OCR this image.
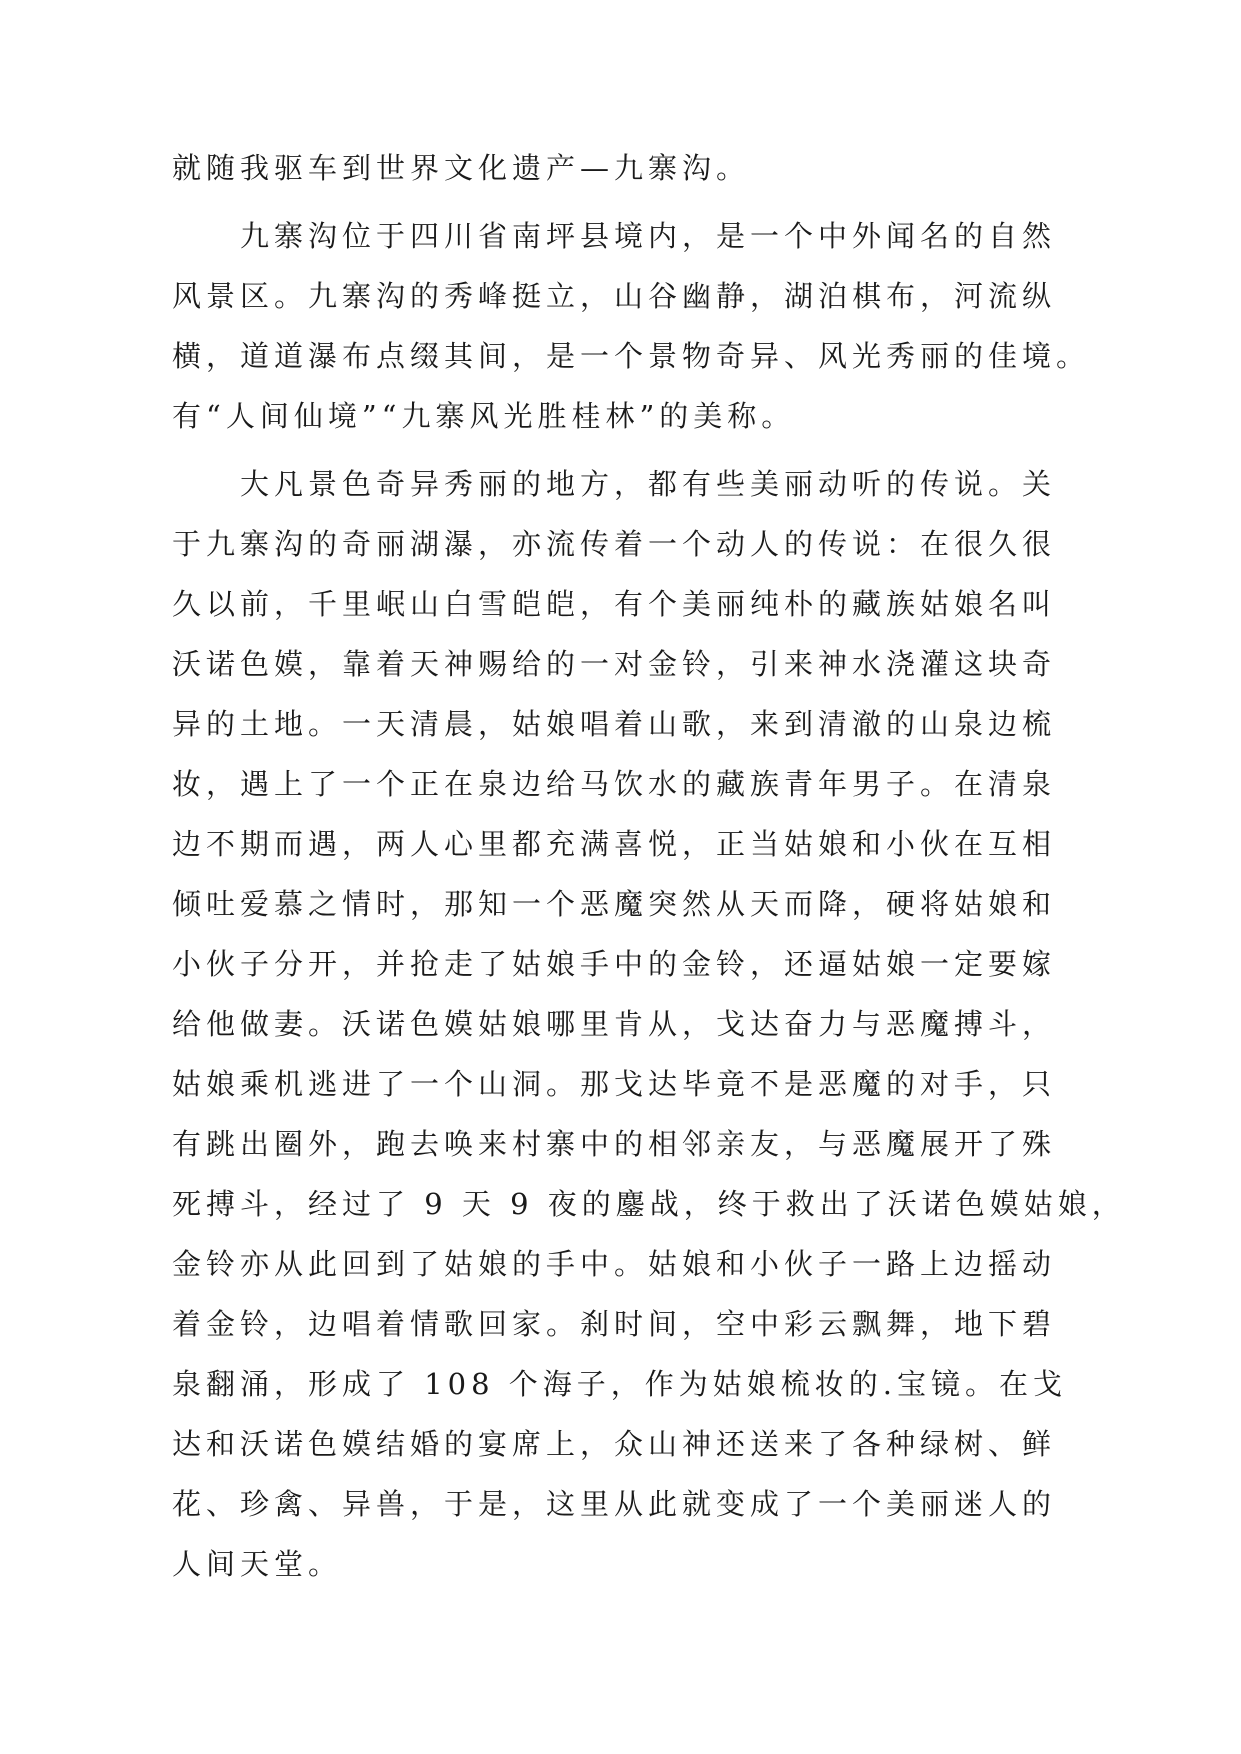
就随我驱车到世界文化遗产—九寨沟。
　　九寨沟位于四川省南坪县境内，是一个中外闻名的自然
风景区。九寨沟的秀峰挺立，山谷幽静，湖泊棋布，河流纵
横，道道瀑布点缀其间，是一个景物奇异、风光秀丽的佳境。
有“人间仙境”“九寨风光胜桂林”的美称。
　　大凡景色奇异秀丽的地方，都有些美丽动听的传说。关
于九寨沟的奇丽湖瀑，亦流传着一个动人的传说：在很久很
久以前，千里岷山白雪皑皑，有个美丽纯朴的藏族姑娘名叫
沃诺色嫫，靠着天神赐给的一对金铃，引来神水浇灌这块奇
异的土地。一天清晨，姑娘唱着山歌，来到清澈的山泉边梳
妆，遇上了一个正在泉边给马饮水的藏族青年男子。在清泉
边不期而遇，两人心里都充满喜悦，正当姑娘和小伙在互相
倾吐爱慕之情时，那知一个恶魔突然从天而降，硬将姑娘和
小伙子分开，并抢走了姑娘手中的金铃，还逼姑娘一定要嫁
给他做妻。沃诺色嫫姑娘哪里肯从，戈达奋力与恶魔搏斗，
姑娘乘机逃进了一个山洞。那戈达毕竟不是恶魔的对手，只
有跳出圈外，跑去唤来村寨中的相邻亲友，与恶魔展开了殊
死搏斗，经过了 9 天 9 夜的鏖战，终于救出了沃诺色嫫姑娘，
金铃亦从此回到了姑娘的手中。姑娘和小伙子一路上边摇动
着金铃，边唱着情歌回家。刹时间，空中彩云飘舞，地下碧
泉翻涌，形成了 108 个海子，作为姑娘梳妆的.宝镜。在戈
达和沃诺色嫫结婚的宴席上，众山神还送来了各种绿树、鲜
花、珍禽、异兽，于是，这里从此就变成了一个美丽迷人的
人间天堂。
